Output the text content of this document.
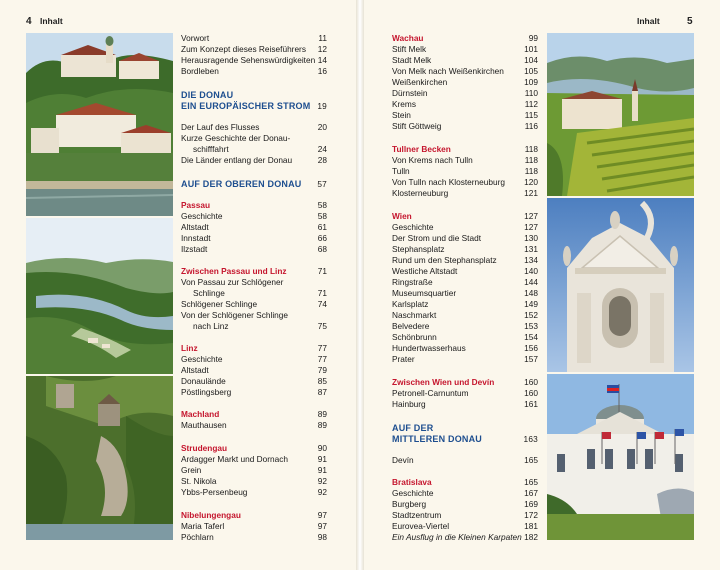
4 Inhalt
Vorwort	11
Zum Konzept dieses Reiseführers 12
Herausragende Sehenswürdigkeiten 14
Bordleben	16
DIE DONAU
EIN EUROPÄISCHER STROM 19
Der Lauf des Flusses	20
Kurze Geschichte der Donau-
schifffahrt	24
Die Länder entlang der Donau	28
AUF DER OBEREN DONAU 57
Passau	58
Geschichte	58
Altstadt	61
Innstadt	66
Ilzstadt	68
Zwischen Passau und Linz	71
Von Passau zur Schlögener
Schlinge	71
Schlögener Schlinge	74
Von der Schlögener Schlinge
nach Linz	75
Linz	77
Geschichte	77
Altstadt	79
Donaulände	85
Pöstlingsberg	87
Machland	89
Mauthausen	89
Strudengau	90
Ardagger Markt und Dornach	91
Grein	91
St. Nikola	92
Ybbs-Persenbeug	92
Nibelungengau	97
Maria Taferl	97
Pöchlarn	98
Inhalt	5
Wachau	99
Stift Melk	101
Stadt Melk	104
Von Melk nach Weißenkirchen 105
Weißenkirchen	109
Dürnstein	110
Krems	112
Stein	115
Stift Göttweig	116
Tullner Becken	118
Von Krems nach Tulln	118
Tulln	118
Von Tulln nach Klosterneuburg 120
Klosterneuburg	121
Wien	127
Geschichte	127
Der Strom und die Stadt	130
Stephansplatz	131
Rund um den Stephansplatz	134
Westliche Altstadt	140
Ringstraße	144
Museumsquartier	148
Karlsplatz	149
Naschmarkt	152
Belvedere	153
Schönbrunn	154
Hundertwasserhaus	156
Prater	157
Zwischen Wien und Devín	160
Petronell-Carnuntum	160
Hainburg	161
AUF DER
MITTLEREN DONAU	163
Devín	165
Bratislava	165
Geschichte	167
Burgberg	169
Stadtzentrum	172
Eurovea-Viertel	181
Ein Ausflug in die Kleinen Karpaten 182
